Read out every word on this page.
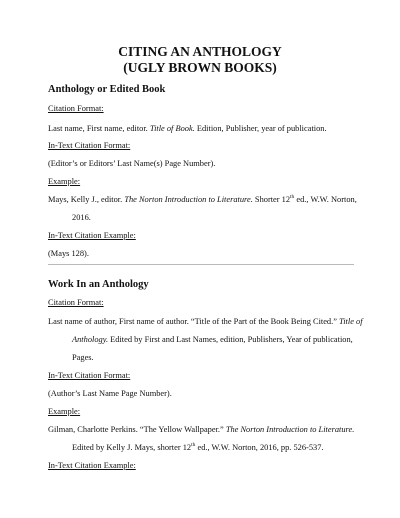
CITING AN ANTHOLOGY
(UGLY BROWN BOOKS)
Anthology or Edited Book

Citation Format:

Last name, First name, editor. Title of Book. Edition, Publisher, year of publication.

In-Text Citation Format:

(Editor’s or Editors’ Last Name(s) Page Number).

Example:

Mays, Kelly J., editor. The Norton Introduction to Literature. Shorter 12th ed., W.W. Norton,

2016.

In-Text Citation Example:

(Mays 128).

Work In an Anthology

Citation Format:

Last name of author, First name of author. “Title of the Part of the Book Being Cited.” Title of

Anthology. Edited by First and Last Names, edition, Publishers, Year of publication,

Pages.

In-Text Citation Format:

(Author’s Last Name Page Number).

Example:

Gilman, Charlotte Perkins. “The Yellow Wallpaper.” The Norton Introduction to Literature.

Edited by Kelly J. Mays, shorter 12th ed., W.W. Norton, 2016, pp. 526-537.

In-Text Citation Example:
